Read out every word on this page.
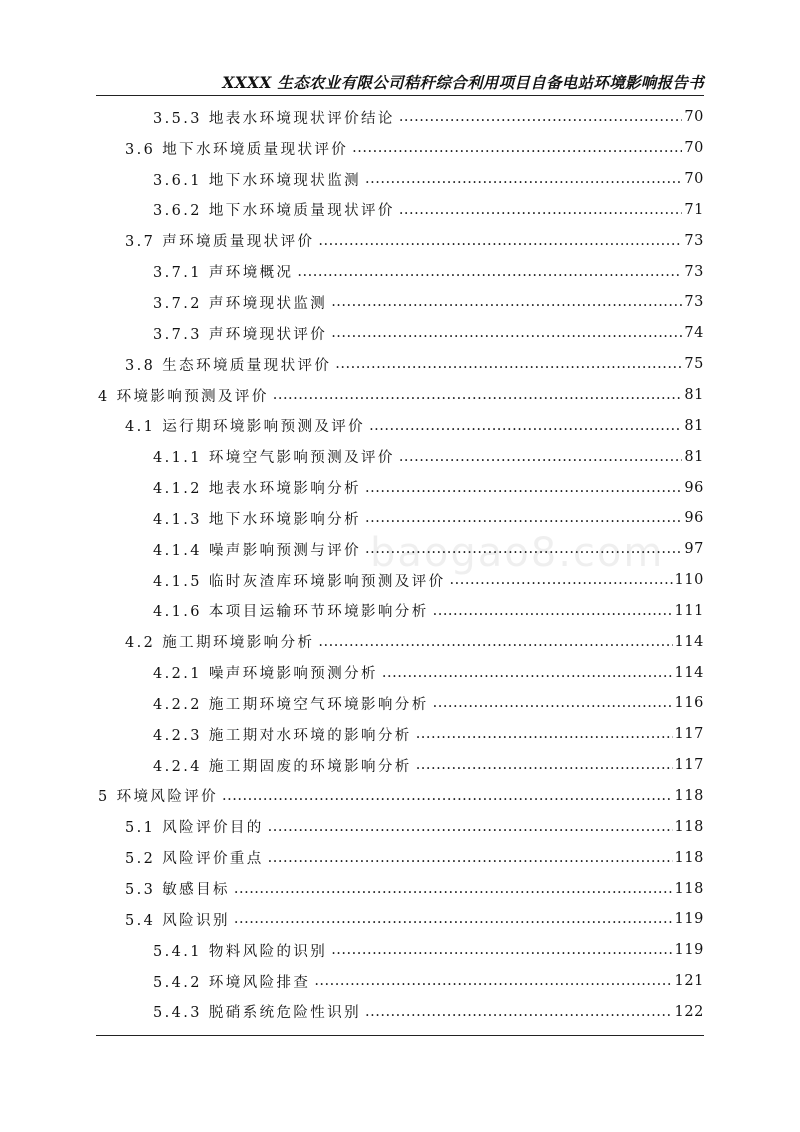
XXXX 生态农业有限公司秸秆综合利用项目自备电站环境影响报告书
baogao8.com
3.5.3 地表水环境现状评价结论 .....	70
3.6 地下水环境质量现状评价 .....	70
3.6.1 地下水环境现状监测 .....	70
3.6.2 地下水环境质量现状评价 .....	71
3.7 声环境质量现状评价 .....	73
3.7.1 声环境概况 .....	73
3.7.2 声环境现状监测 .....	73
3.7.3 声环境现状评价 .....	74
3.8 生态环境质量现状评价 .....	75
4 环境影响预测及评价 .....	81
4.1 运行期环境影响预测及评价 .....	81
4.1.1 环境空气影响预测及评价 .....	81
4.1.2 地表水环境影响分析 .....	96
4.1.3 地下水环境影响分析 .....	96
4.1.4 噪声影响预测与评价 .....	97
4.1.5 临时灰渣库环境影响预测及评价 .....	110
4.1.6 本项目运输环节环境影响分析 .....	111
4.2 施工期环境影响分析 .....	114
4.2.1 噪声环境影响预测分析 .....	114
4.2.2 施工期环境空气环境影响分析 .....	116
4.2.3 施工期对水环境的影响分析 .....	117
4.2.4 施工期固废的环境影响分析 .....	117
5 环境风险评价 .....	118
5.1 风险评价目的 .....	118
5.2 风险评价重点 .....	118
5.3 敏感目标 .....	118
5.4 风险识别 .....	119
5.4.1 物料风险的识别 .....	119
5.4.2 环境风险排查 .....	121
5.4.3 脱硝系统危险性识别 .....	122
